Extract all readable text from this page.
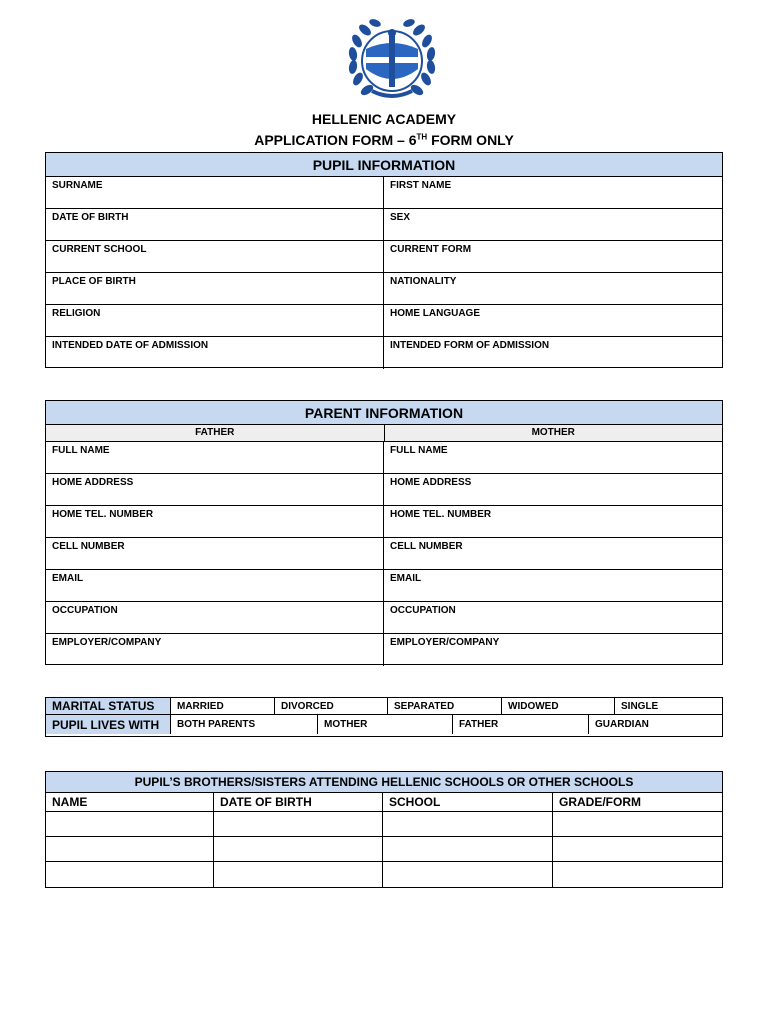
HELLENIC ACADEMY
APPLICATION FORM – 6TH FORM ONLY
PUPIL INFORMATION
SURNAME	FIRST NAME
DATE OF BIRTH	SEX
CURRENT SCHOOL	CURRENT FORM
PLACE OF BIRTH	NATIONALITY
RELIGION	HOME LANGUAGE
INTENDED DATE OF ADMISSION	INTENDED FORM OF ADMISSION
PARENT INFORMATION
FATHER	MOTHER
FULL NAME	FULL NAME
HOME ADDRESS	HOME ADDRESS
HOME TEL. NUMBER	HOME TEL. NUMBER
CELL NUMBER	CELL NUMBER
EMAIL	EMAIL
OCCUPATION	OCCUPATION
EMPLOYER/COMPANY	EMPLOYER/COMPANY
MARITAL STATUS	MARRIED	DIVORCED	SEPARATED	WIDOWED	SINGLE
PUPIL LIVES WITH	BOTH PARENTS	MOTHER	FATHER	GUARDIAN
PUPIL’S BROTHERS/SISTERS ATTENDING HELLENIC SCHOOLS OR OTHER SCHOOLS
NAME	DATE OF BIRTH	SCHOOL	GRADE/FORM
